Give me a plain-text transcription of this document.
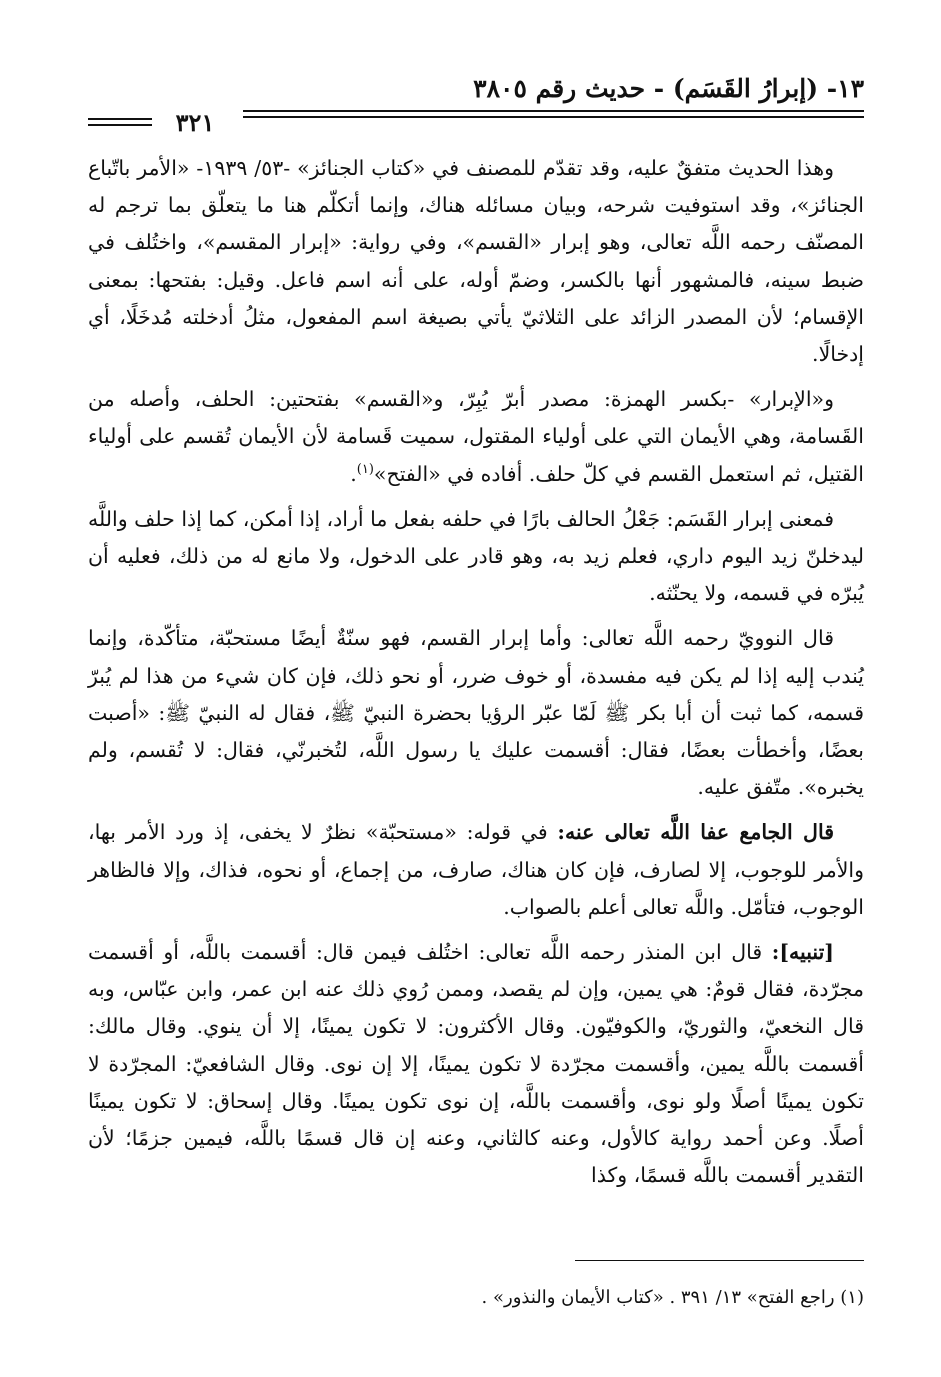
١٣- (إبرارُ القَسَم) - حديث رقم ٣٨٠٥
٣٢١

وهذا الحديث متفقٌ عليه، وقد تقدّم للمصنف في «كتاب الجنائز» -٥٣/ ١٩٣٩- «الأمر باتّباع الجنائز»، وقد استوفيت شرحه، وبيان مسائله هناك، وإنما أتكلّم هنا ما يتعلّق بما ترجم له المصنّف رحمه اللَّه تعالى، وهو إبرار «القسم»، وفي رواية: «إبرار المقسم»، واختُلف في ضبط سينه، فالمشهور أنها بالكسر، وضمّ أوله، على أنه اسم فاعل. وقيل: بفتحها: بمعنى الإقسام؛ لأن المصدر الزائد على الثلاثيّ يأتي بصيغة اسم المفعول، مثلُ أدخلته مُدخَلًا، أي إدخالًا.

و«الإبرار» -بكسر الهمزة: مصدر أبرّ يُبِرّ، و«القسم» بفتحتين: الحلف، وأصله من القَسامة، وهي الأيمان التي على أولياء المقتول، سميت قَسامة لأن الأيمان تُقسم على أولياء القتيل، ثم استعمل القسم في كلّ حلف. أفاده في «الفتح»$^{(١)}$.

فمعنى إبرار القَسَم: جَعْلُ الحالف بارًا في حلفه بفعل ما أراد، إذا أمكن، كما إذا حلف واللَّه ليدخلنّ زيد اليوم داري، فعلم زيد به، وهو قادر على الدخول، ولا مانع له من ذلك، فعليه أن يُبرّه في قسمه، ولا يحنّثه.

قال النوويّ رحمه اللَّه تعالى: وأما إبرار القسم، فهو سنّةٌ أيضًا مستحبّة، متأكّدة، وإنما يُندب إليه إذا لم يكن فيه مفسدة، أو خوف ضرر، أو نحو ذلك، فإن كان شيء من هذا لم يُبرّ قسمه، كما ثبت أن أبا بكر ﷺ لَمّا عبّر الرؤيا بحضرة النبيّ ﷺ، فقال له النبيّ ﷺ: «أصبت بعضًا، وأخطأت بعضًا، فقال: أقسمت عليك يا رسول اللَّه، لتُخبرنّي، فقال: لا تُقسم، ولم يخبره». متّفق عليه.

قال الجامع عفا اللَّه تعالى عنه: في قوله: «مستحبّة» نظرٌ لا يخفى، إذ ورد الأمر بها، والأمر للوجوب، إلا لصارف، فإن كان هناك، صارف، من إجماع، أو نحوه، فذاك، وإلا فالظاهر الوجوب، فتأمّل. واللَّه تعالى أعلم بالصواب.

[تنبيه]: قال ابن المنذر رحمه اللَّه تعالى: اختُلف فيمن قال: أقسمت باللَّه، أو أقسمت مجرّدة، فقال قومٌ: هي يمين، وإن لم يقصد، وممن رُوي ذلك عنه ابن عمر، وابن عبّاس، وبه قال النخعيّ، والثوريّ، والكوفيّون. وقال الأكثرون: لا تكون يمينًا، إلا أن ينوي. وقال مالك: أقسمت باللَّه يمين، وأقسمت مجرّدة لا تكون يمينًا، إلا إن نوى. وقال الشافعيّ: المجرّدة لا تكون يمينًا أصلًا ولو نوى، وأقسمت باللَّه، إن نوى تكون يمينًا. وقال إسحاق: لا تكون يمينًا أصلًا. وعن أحمد رواية كالأول، وعنه كالثاني، وعنه إن قال قسمًا باللَّه، فيمين جزمًا؛ لأن التقدير أقسمت باللَّه قسمًا، وكذا

(١) راجع الفتح» ١٣/ ٣٩١ . «كتاب الأيمان والنذور» .
